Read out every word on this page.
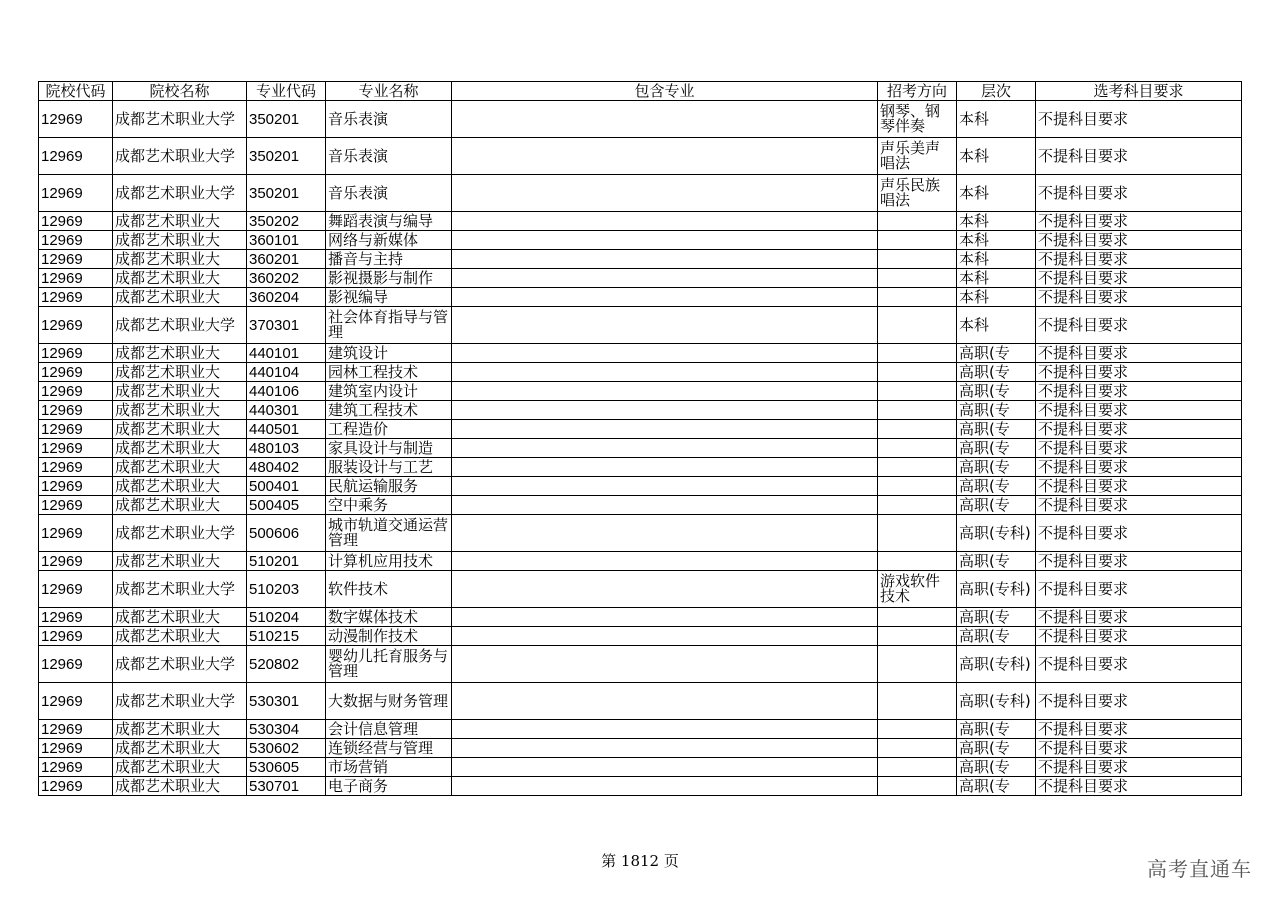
院校代码	院校名称	专业代码	专业名称	包含专业	招考方向	层次	选考科目要求
12969	成都艺术职业大学	350201	音乐表演		钢琴、钢琴伴奏	本科	不提科目要求
12969	成都艺术职业大学	350201	音乐表演		声乐美声唱法	本科	不提科目要求
12969	成都艺术职业大学	350201	音乐表演		声乐民族唱法	本科	不提科目要求
12969	成都艺术职业大	350202	舞蹈表演与编导			本科	不提科目要求
12969	成都艺术职业大	360101	网络与新媒体			本科	不提科目要求
12969	成都艺术职业大	360201	播音与主持			本科	不提科目要求
12969	成都艺术职业大	360202	影视摄影与制作			本科	不提科目要求
12969	成都艺术职业大	360204	影视编导			本科	不提科目要求
12969	成都艺术职业大学	370301	社会体育指导与管理			本科	不提科目要求
12969	成都艺术职业大	440101	建筑设计			高职(专	不提科目要求
12969	成都艺术职业大	440104	园林工程技术			高职(专	不提科目要求
12969	成都艺术职业大	440106	建筑室内设计			高职(专	不提科目要求
12969	成都艺术职业大	440301	建筑工程技术			高职(专	不提科目要求
12969	成都艺术职业大	440501	工程造价			高职(专	不提科目要求
12969	成都艺术职业大	480103	家具设计与制造			高职(专	不提科目要求
12969	成都艺术职业大	480402	服装设计与工艺			高职(专	不提科目要求
12969	成都艺术职业大	500401	民航运输服务			高职(专	不提科目要求
12969	成都艺术职业大	500405	空中乘务			高职(专	不提科目要求
12969	成都艺术职业大学	500606	城市轨道交通运营管理			高职(专科)	不提科目要求
12969	成都艺术职业大	510201	计算机应用技术			高职(专	不提科目要求
12969	成都艺术职业大学	510203	软件技术		游戏软件技术	高职(专科)	不提科目要求
12969	成都艺术职业大	510204	数字媒体技术			高职(专	不提科目要求
12969	成都艺术职业大	510215	动漫制作技术			高职(专	不提科目要求
12969	成都艺术职业大学	520802	婴幼儿托育服务与管理			高职(专科)	不提科目要求
12969	成都艺术职业大学	530301	大数据与财务管理			高职(专科)	不提科目要求
12969	成都艺术职业大	530304	会计信息管理			高职(专	不提科目要求
12969	成都艺术职业大	530602	连锁经营与管理			高职(专	不提科目要求
12969	成都艺术职业大	530605	市场营销			高职(专	不提科目要求
12969	成都艺术职业大	530701	电子商务			高职(专	不提科目要求
第 1812 页	高考直通车
